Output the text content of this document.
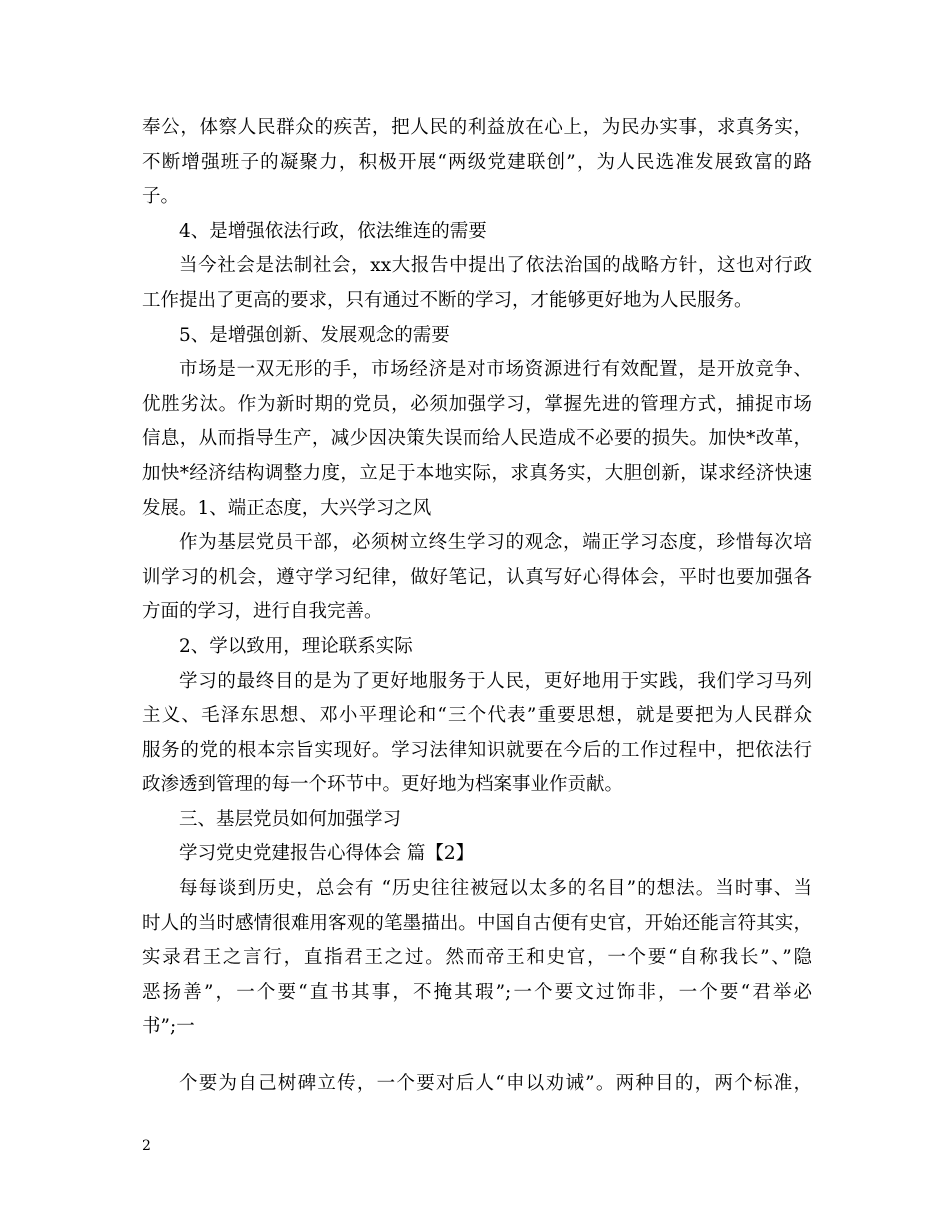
奉公，体察人民群众的疾苦，把人民的利益放在心上，为民办实事，求真务实，
不断增强班子的凝聚力，积极开展“两级党建联创”，为人民选准发展致富的路
子。
4、是增强依法行政，依法维连的需要
当今社会是法制社会，xx大报告中提出了依法治国的战略方针，这也对行政
工作提出了更高的要求，只有通过不断的学习，才能够更好地为人民服务。
5、是增强创新、发展观念的需要
市场是一双无形的手，市场经济是对市场资源进行有效配置，是开放竞争、
优胜劣汰。作为新时期的党员，必须加强学习，掌握先进的管理方式，捕捉市场
信息，从而指导生产，减少因决策失误而给人民造成不必要的损失。加快*改革，
加快*经济结构调整力度，立足于本地实际，求真务实，大胆创新，谋求经济快速
发展。1、端正态度，大兴学习之风
作为基层党员干部，必须树立终生学习的观念，端正学习态度，珍惜每次培
训学习的机会，遵守学习纪律，做好笔记，认真写好心得体会，平时也要加强各
方面的学习，进行自我完善。
2、学以致用，理论联系实际
学习的最终目的是为了更好地服务于人民，更好地用于实践，我们学习马列
主义、毛泽东思想、邓小平理论和“三个代表”重要思想，就是要把为人民群众
服务的党的根本宗旨实现好。学习法律知识就要在今后的工作过程中，把依法行
政渗透到管理的每一个环节中。更好地为档案事业作贡献。
三、基层党员如何加强学习
学习党史党建报告心得体会 篇【2】
每每谈到历史，总会有 “历史往往被冠以太多的名目”的想法。当时事、当
时人的当时感情很难用客观的笔墨描出。中国自古便有史官，开始还能言符其实，
实录君王之言行，直指君王之过。然而帝王和史官，一个要“自称我长”、”隐
恶扬善”，一个要“直书其事，不掩其瑕”;一个要文过饰非，一个要“君举必
书”;一
个要为自己树碑立传，一个要对后人“申以劝诫”。两种目的，两个标准，
2
